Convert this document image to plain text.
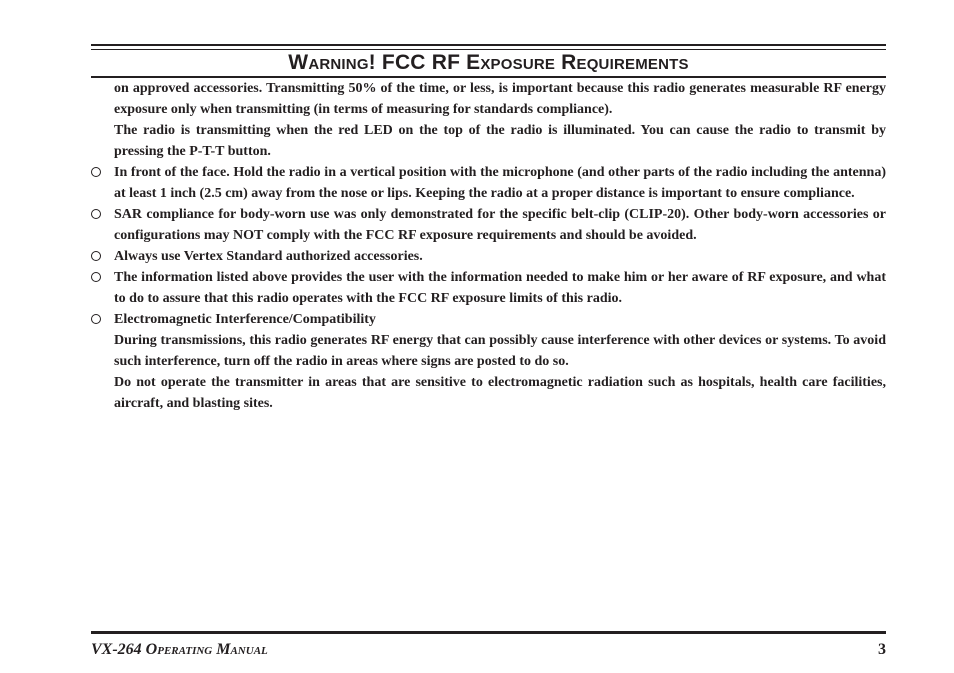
Warning! FCC RF Exposure Requirements

on approved accessories. Transmitting 50% of the time, or less, is important because this radio generates measurable RF energy exposure only when transmitting (in terms of measuring for standards compliance).

The radio is transmitting when the red LED on the top of the radio is illuminated. You can cause the radio to transmit by pressing the P-T-T button.

In front of the face. Hold the radio in a vertical position with the microphone (and other parts of the radio including the antenna) at least 1 inch (2.5 cm) away from the nose or lips. Keeping the radio at a proper distance is important to ensure compliance.

SAR compliance for body-worn use was only demonstrated for the specific belt-clip (CLIP-20). Other body-worn accessories or configurations may NOT comply with the FCC RF exposure requirements and should be avoided.

Always use Vertex Standard authorized accessories.

The information listed above provides the user with the information needed to make him or her aware of RF exposure, and what to do to assure that this radio operates with the FCC RF exposure limits of this radio.

Electromagnetic Interference/Compatibility

During transmissions, this radio generates RF energy that can possibly cause interference with other devices or systems. To avoid such interference, turn off the radio in areas where signs are posted to do so.

Do not operate the transmitter in areas that are sensitive to electromagnetic radiation such as hospitals, health care facilities, aircraft, and blasting sites.

VX-264 Operating Manual	3
